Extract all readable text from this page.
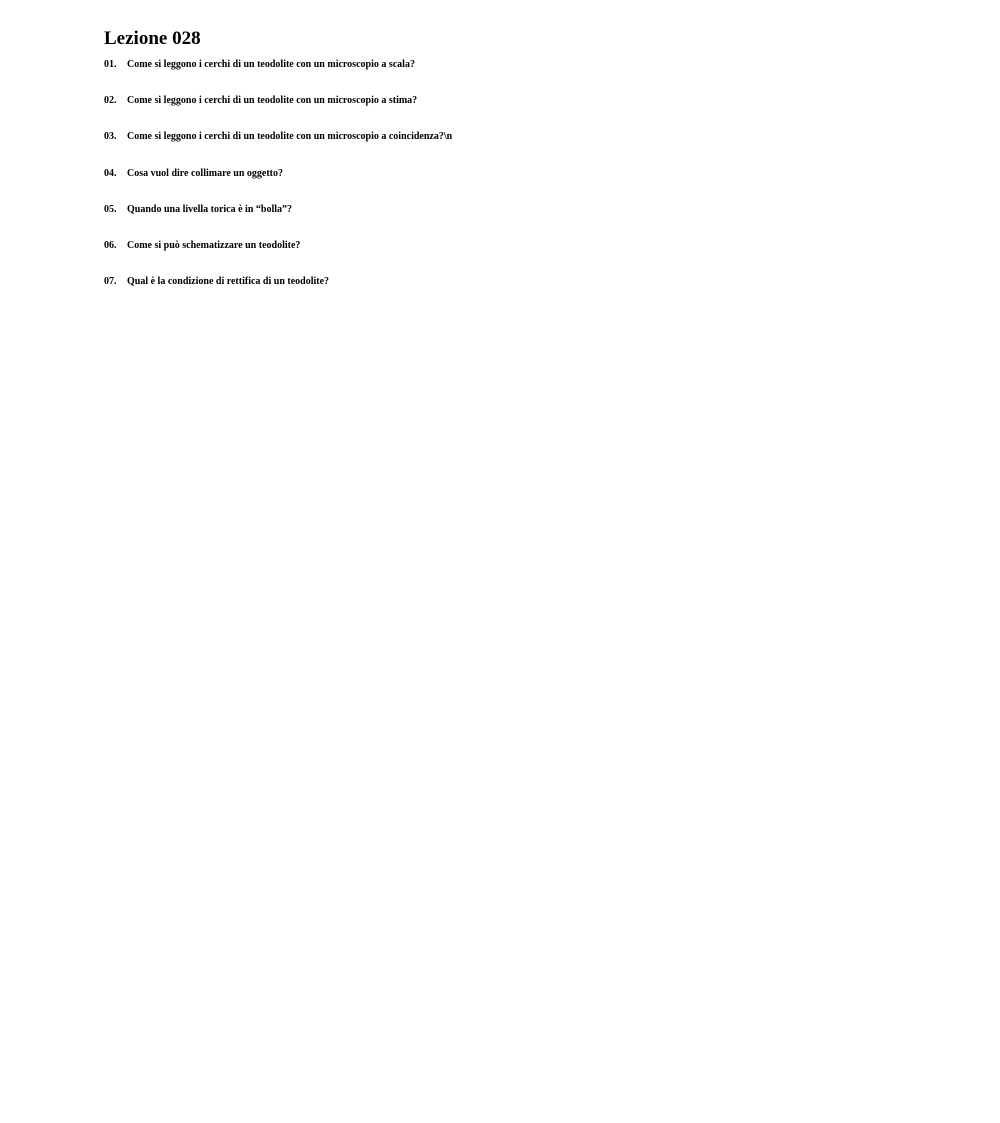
Lezione 028
01.	Come si leggono i cerchi di un teodolite con un microscopio a scala?
02.	Come si leggono i cerchi di un teodolite con un microscopio a stima?
03.	Come si leggono i cerchi di un teodolite con un microscopio a coincidenza?\n
04.	Cosa vuol dire collimare un oggetto?
05.	Quando una livella torica è in “bolla”?
06.	Come si può schematizzare un teodolite?
07.	Qual è la condizione di rettifica di un teodolite?
